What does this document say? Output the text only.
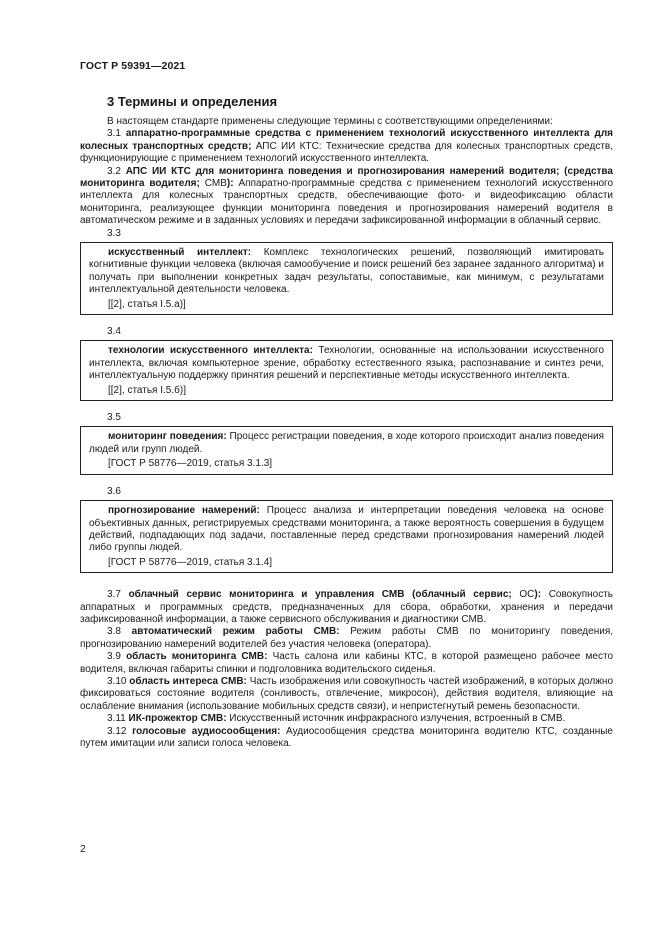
ГОСТ Р 59391—2021
3 Термины и определения

В настоящем стандарте применены следующие термины с соответствующими определениями:

3.1 аппаратно-программные средства с применением технологий искусственного интеллекта для колесных транспортных средств; АПС ИИ КТС: Технические средства для колесных транспортных средств, функционирующие с применением технологий искусственного интеллекта.

3.2 АПС ИИ КТС для мониторинга поведения и прогнозирования намерений водителя; (средства мониторинга водителя; СМВ): Аппаратно-программные средства с применением технологий искусственного интеллекта для колесных транспортных средств, обеспечивающие фото- и видеофиксацию области мониторинга, реализующее функции мониторинга поведения и прогнозирования намерений водителя в автоматическом режиме и в заданных условиях и передачи зафиксированной информации в облачный сервис.

3.3

искусственный интеллект: Комплекс технологических решений, позволяющий имитировать когнитивные функции человека (включая самообучение и поиск решений без заранее заданного алгоритма) и получать при выполнении конкретных задач результаты, сопоставимые, как минимум, с результатами интеллектуальной деятельности человека.

[[2], статья I.5.а)]

3.4

технологии искусственного интеллекта: Технологии, основанные на использовании искусственного интеллекта, включая компьютерное зрение, обработку естественного языка, распознавание и синтез речи, интеллектуальную поддержку принятия решений и перспективные методы искусственного интеллекта.

[[2], статья I.5.б)]

3.5

мониторинг поведения: Процесс регистрации поведения, в ходе которого происходит анализ поведения людей или групп людей.

[ГОСТ Р 58776—2019, статья 3.1.3]

3.6

прогнозирование намерений: Процесс анализа и интерпретации поведения человека на основе объективных данных, регистрируемых средствами мониторинга, а также вероятность совершения в будущем действий, подпадающих под задачи, поставленные перед средствами прогнозирования намерений людей либо группы людей.

[ГОСТ Р 58776—2019, статья 3.1.4]

3.7 облачный сервис мониторинга и управления СМВ (облачный сервис; ОС): Совокупность аппаратных и программных средств, предназначенных для сбора, обработки, хранения и передачи зафиксированной информации, а также сервисного обслуживания и диагностики СМВ.

3.8 автоматический режим работы СМВ: Режим работы СМВ по мониторингу поведения, прогнозированию намерений водителей без участия человека (оператора).

3.9 область мониторинга СМВ: Часть салона или кабины КТС, в которой размещено рабочее место водителя, включая габариты спинки и подголовника водительского сиденья.

3.10 область интереса СМВ: Часть изображения или совокупность частей изображений, в которых должно фиксироваться состояние водителя (сонливость, отвлечение, микросон), действия водителя, влияющие на ослабление внимания (использование мобильных средств связи), и непристегнутый ремень безопасности.

3.11 ИК-прожектор СМВ: Искусственный источник инфракрасного излучения, встроенный в СМВ.

3.12 голосовые аудиосообщения: Аудиосообщения средства мониторинга водителю КТС, созданные путем имитации или записи голоса человека.

2
